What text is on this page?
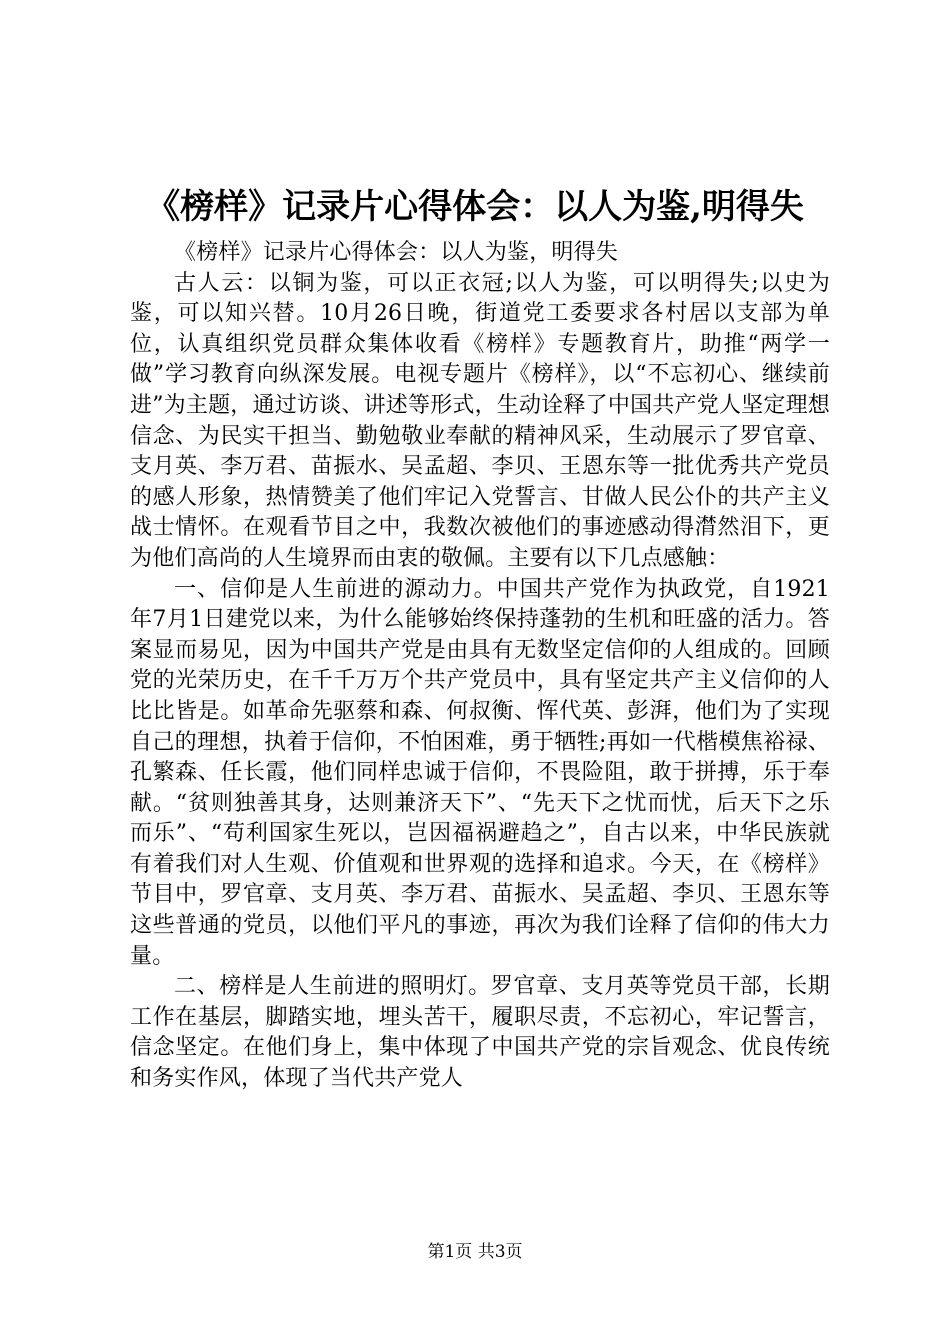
《榜样》记录片心得体会：以人为鉴,明得失

《榜样》记录片心得体会：以人为鉴，明得失

古人云：以铜为鉴，可以正衣冠;以人为鉴，可以明得失;以史为鉴，可以知兴替。10月26日晚，街道党工委要求各村居以支部为单位，认真组织党员群众集体收看《榜样》专题教育片，助推“两学一做”学习教育向纵深发展。电视专题片《榜样》，以“不忘初心、继续前进”为主题，通过访谈、讲述等形式，生动诠释了中国共产党人坚定理想信念、为民实干担当、勤勉敬业奉献的精神风采，生动展示了罗官章、支月英、李万君、苗振水、吴孟超、李贝、王恩东等一批优秀共产党员的感人形象，热情赞美了他们牢记入党誓言、甘做人民公仆的共产主义战士情怀。在观看节目之中，我数次被他们的事迹感动得潸然泪下，更为他们高尚的人生境界而由衷的敬佩。主要有以下几点感触：

一、信仰是人生前进的源动力。中国共产党作为执政党，自1921年7月1日建党以来，为什么能够始终保持蓬勃的生机和旺盛的活力。答案显而易见，因为中国共产党是由具有无数坚定信仰的人组成的。回顾党的光荣历史，在千千万万个共产党员中，具有坚定共产主义信仰的人比比皆是。如革命先驱蔡和森、何叔衡、恽代英、彭湃，他们为了实现自己的理想，执着于信仰，不怕困难，勇于牺牲;再如一代楷模焦裕禄、孔繁森、任长霞，他们同样忠诚于信仰，不畏险阻，敢于拼搏，乐于奉献。“贫则独善其身，达则兼济天下”、“先天下之忧而忧，后天下之乐而乐”、“苟利国家生死以，岂因福祸避趋之”，自古以来，中华民族就有着我们对人生观、价值观和世界观的选择和追求。今天，在《榜样》节目中，罗官章、支月英、李万君、苗振水、吴孟超、李贝、王恩东等这些普通的党员，以他们平凡的事迹，再次为我们诠释了信仰的伟大力量。

二、榜样是人生前进的照明灯。罗官章、支月英等党员干部，长期工作在基层，脚踏实地，埋头苦干，履职尽责，不忘初心，牢记誓言，信念坚定。在他们身上，集中体现了中国共产党的宗旨观念、优良传统和务实作风，体现了当代共产党人

第1页 共3页
